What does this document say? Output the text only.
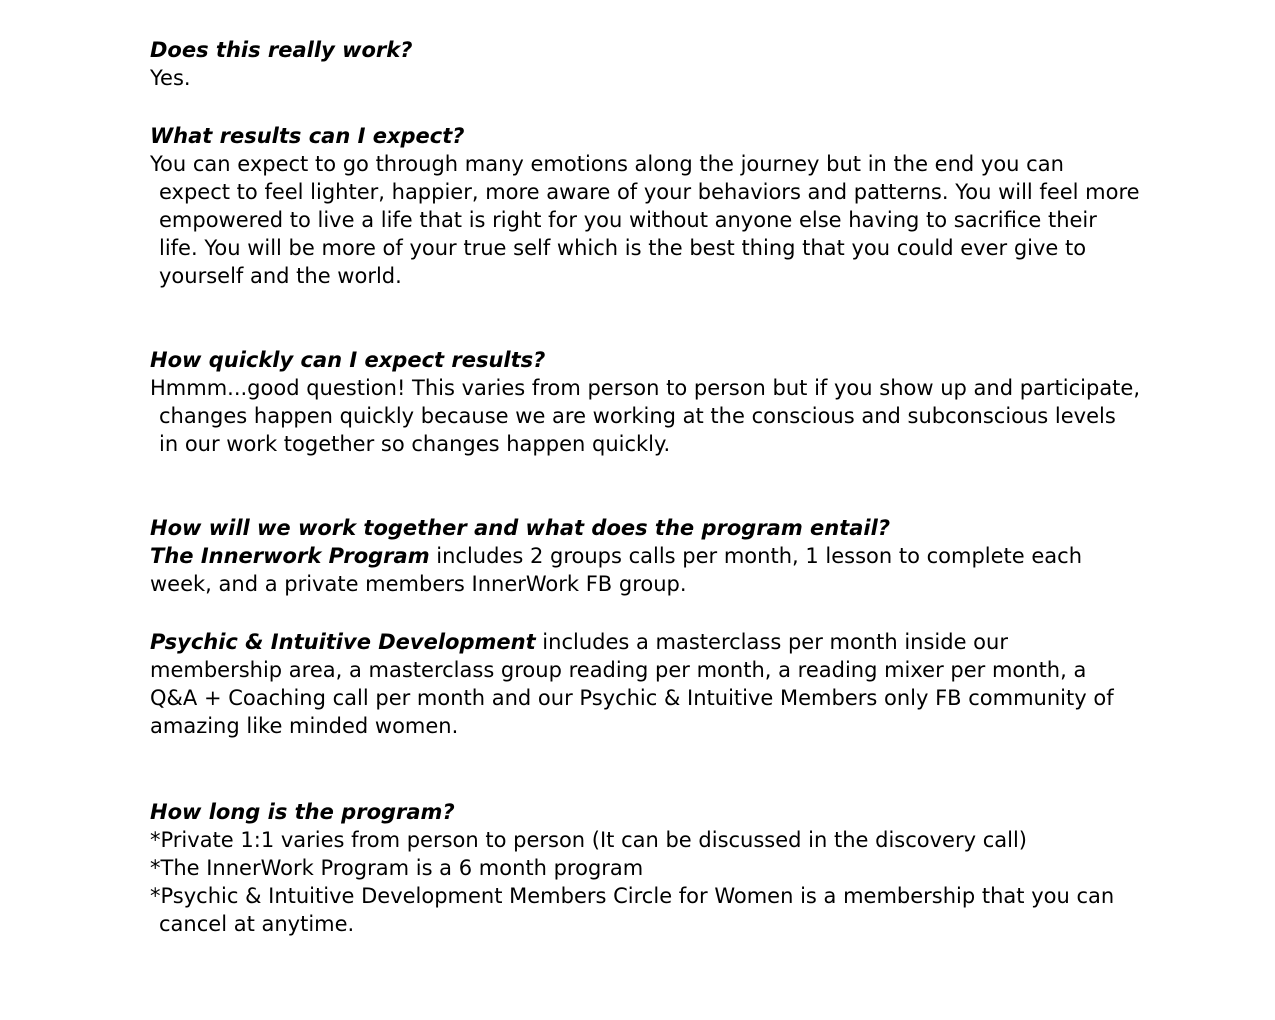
Does this really work?

Yes.

What results can I expect?

You can expect to go through many emotions along the journey but in the end you can expect to feel lighter, happier, more aware of your behaviors and patterns. You will feel more empowered to live a life that is right for you without anyone else having to sacrifice their life. You will be more of your true self which is the best thing that you could ever give to yourself and the world.

How quickly can I expect results?

Hmmm...good question! This varies from person to person but if you show up and participate, changes happen quickly because we are working at the conscious and subconscious levels in our work together so changes happen quickly.

How will we work together and what does the program entail?

The Innerwork Program includes 2 groups calls per month, 1 lesson to complete each week, and a private members InnerWork FB group.

Psychic & Intuitive Development includes a masterclass per month inside our membership area, a masterclass group reading per month, a reading mixer per month, a Q&A + Coaching call per month and our Psychic & Intuitive Members only FB community of amazing like minded women.

How long is the program?

*Private 1:1 varies from person to person (It can be discussed in the discovery call)

*The InnerWork Program is a 6 month program

*Psychic & Intuitive Development Members Circle for Women is a membership that you can cancel at anytime.
